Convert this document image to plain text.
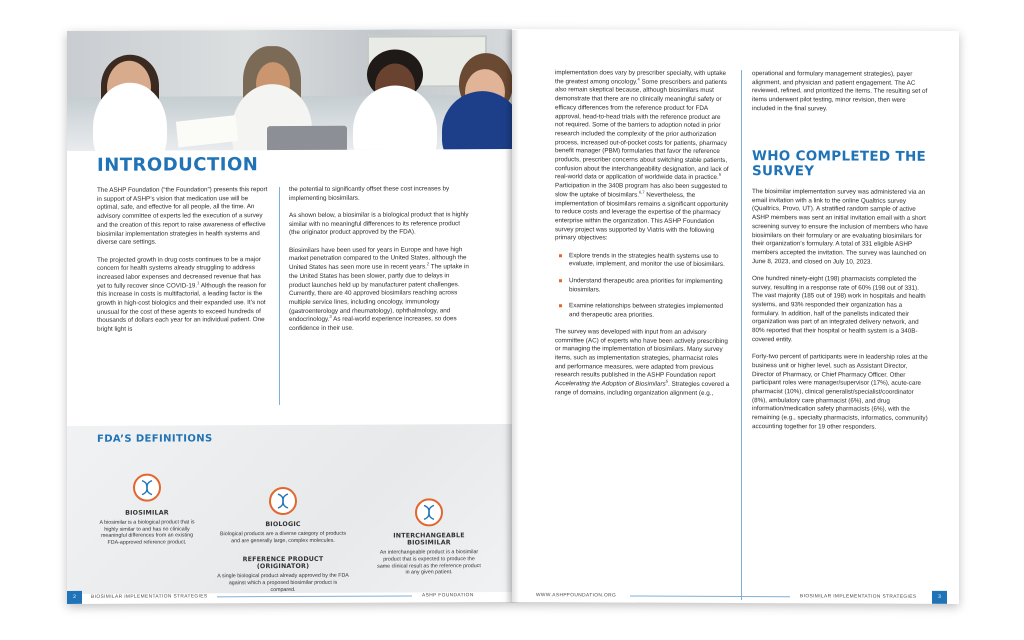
INTRODUCTION

The ASHP Foundation (“the Foundation”) presents this report in support of ASHP’s vision that medication use will be optimal, safe, and effective for all people, all the time. An advisory committee of experts led the execution of a survey and the creation of this report to raise awareness of effective biosimilar implementation strategies in health systems and diverse care settings.

The projected growth in drug costs continues to be a major concern for health systems already struggling to address increased labor expenses and decreased revenue that has yet to fully recover since COVID-19.$^1$ Although the reason for this increase in costs is multifactorial, a leading factor is the growth in high-cost biologics and their expanded use. It’s not unusual for the cost of these agents to exceed hundreds of thousands of dollars each year for an individual patient. One bright light is

the potential to significantly offset these cost increases by implementing biosimilars.

As shown below, a biosimilar is a biological product that is highly similar with no meaningful differences to its reference product (the originator product approved by the FDA).

Biosimilars have been used for years in Europe and have high market penetration compared to the United States, although the United States has seen more use in recent years.$^2$ The uptake in the United States has been slower, partly due to delays in product launches held up by manufacturer patent challenges. Currently, there are 40 approved biosimilars reaching across multiple service lines, including oncology, immunology (gastroenterology and rheumatology), ophthalmology, and endocrinology.$^3$ As real-world experience increases, so does confidence in their use.

FDA’S DEFINITIONS
BIOSIMILAR
A biosimilar is a biological product that is highly similar to and has no clinically meaningful differences from an existing FDA-approved reference product.
BIOLOGIC
Biological products are a diverse category of products and are generally large, complex molecules.
REFERENCE PRODUCT (ORIGINATOR)
A single biological product already approved by the FDA against which a proposed biosimilar product is compared.
INTERCHANGEABLE BIOSIMILAR
An interchangeable product is a biosimilar product that is expected to produce the same clinical result as the reference product in any given patient.
2	BIOSIMILAR IMPLEMENTATION STRATEGIES	ASHP FOUNDATION

implementation does vary by prescriber specialty, with uptake the greatest among oncology.$^4$ Some prescribers and patients also remain skeptical because, although biosimilars must demonstrate that there are no clinically meaningful safety or efficacy differences from the reference product for FDA approval, head-to-head trials with the reference product are not required. Some of the barriers to adoption noted in prior research included the complexity of the prior authorization process, increased out-of-pocket costs for patients, pharmacy benefit manager (PBM) formularies that favor the reference products, prescriber concerns about switching stable patients, confusion about the interchangeability designation, and lack of real-world data or application of worldwide data in practice.$^5$ Participation in the 340B program has also been suggested to slow the uptake of biosimilars.$^{6,7}$ Nevertheless, the implementation of biosimilars remains a significant opportunity to reduce costs and leverage the expertise of the pharmacy enterprise within the organization. This ASHP Foundation survey project was supported by Viatris with the following primary objectives:

Explore trends in the strategies health systems use to evaluate, implement, and monitor the use of biosimilars.
Understand therapeutic area priorities for implementing biosimilars.
Examine relationships between strategies implemented and therapeutic area priorities.

The survey was developed with input from an advisory committee (AC) of experts who have been actively prescribing or managing the implementation of biosimilars. Many survey items, such as implementation strategies, pharmacist roles and performance measures, were adapted from previous research results published in the ASHP Foundation report Accelerating the Adoption of Biosimilars$^5$. Strategies covered a range of domains, including organization alignment (e.g.,

operational and formulary management strategies), payer alignment, and physician and patient engagement. The AC reviewed, refined, and prioritized the items. The resulting set of items underwent pilot testing, minor revision, then were included in the final survey.

WHO COMPLETED THE SURVEY

The biosimilar implementation survey was administered via an email invitation with a link to the online Qualtrics survey (Qualtrics, Provo, UT). A stratified random sample of active ASHP members was sent an initial invitation email with a short screening survey to ensure the inclusion of members who have biosimilars on their formulary or are evaluating biosimilars for their organization’s formulary. A total of 331 eligible ASHP members accepted the invitation. The survey was launched on June 8, 2023, and closed on July 10, 2023.

One hundred ninety-eight (198) pharmacists completed the survey, resulting in a response rate of 60% (198 out of 331). The vast majority (185 out of 198) work in hospitals and health systems, and 93% responded their organization has a formulary. In addition, half of the panelists indicated their organization was part of an integrated delivery network, and 80% reported that their hospital or health system is a 340B-covered entity.

Forty-two percent of participants were in leadership roles at the business unit or higher level, such as Assistant Director, Director of Pharmacy, or Chief Pharmacy Officer. Other participant roles were manager/supervisor (17%), acute-care pharmacist (10%), clinical generalist/specialist/coordinator (8%), ambulatory care pharmacist (6%), and drug information/medication safety pharmacists (6%), with the remaining (e.g., specialty pharmacists, informatics, community) accounting together for 19 other responders.

WWW.ASHPFOUNDATION.ORG	BIOSIMILAR IMPLEMENTATION STRATEGIES	3
